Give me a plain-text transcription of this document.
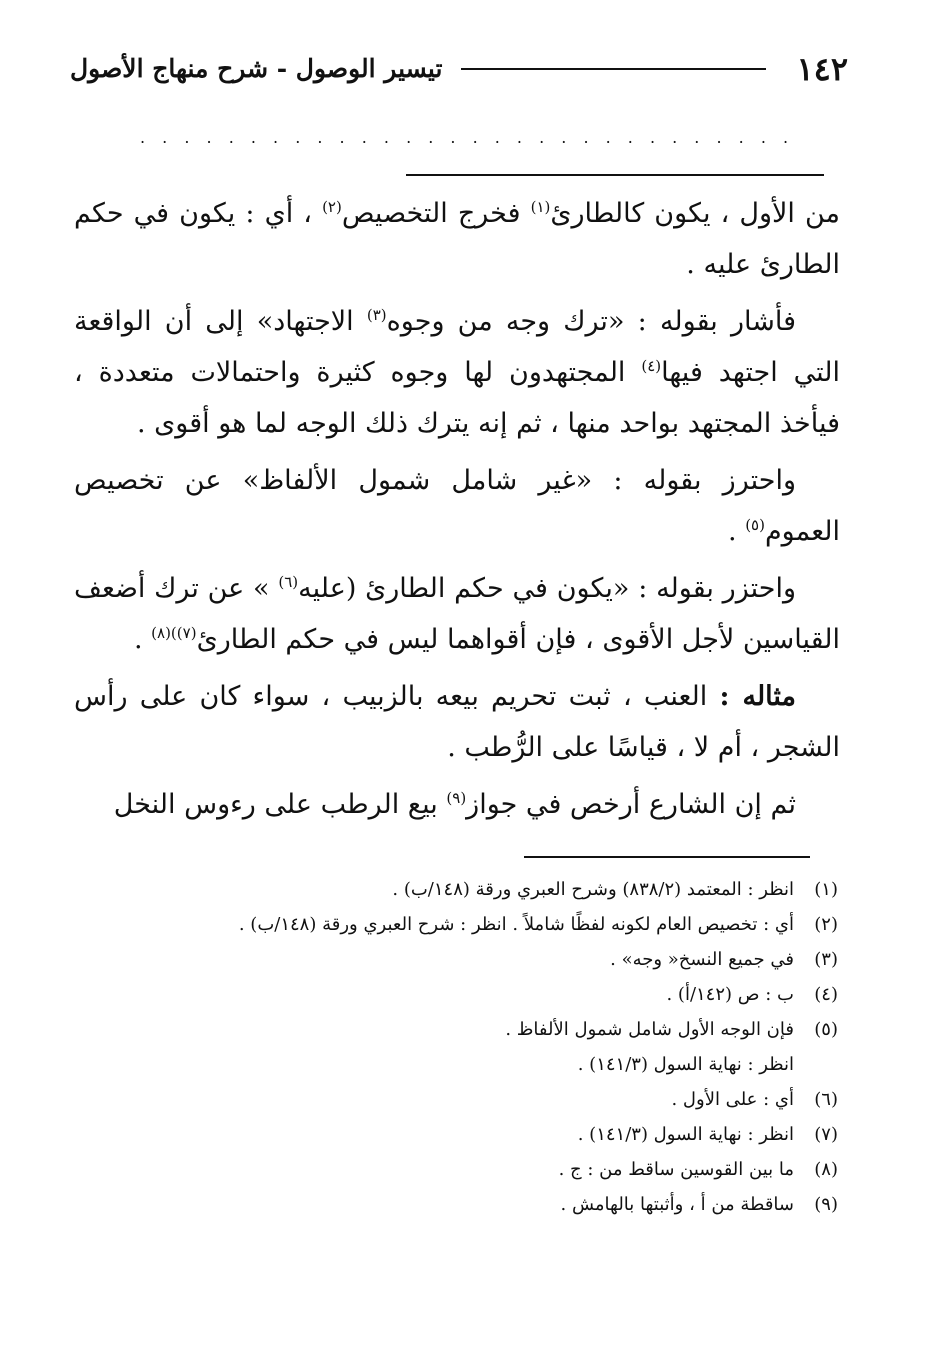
١٤٢
تيسير الوصول - شرح منهاج الأصول
. . .

من الأول ، يكون كالطارئ$^{(١)}$ فخرج التخصيص$^{(٢)}$ ، أي : يكون في حكم الطارئ عليه .

فأشار بقوله : «ترك وجه من وجوه$^{(٣)}$ الاجتهاد» إلى أن الواقعة التي اجتهد فيها$^{(٤)}$ المجتهدون لها وجوه كثيرة واحتمالات متعددة ، فيأخذ المجتهد بواحد منها ، ثم إنه يترك ذلك الوجه لما هو أقوى .

واحترز بقوله : «غير شامل شمول الألفاظ» عن تخصيص العموم$^{(٥)}$ .

واحتزر بقوله : «يكون في حكم الطارئ (عليه$^{(٦)}$ » عن ترك أضعف القياسين لأجل الأقوى ، فإن أقواهما ليس في حكم الطارئ$^{(٧))(٨)}$ .

مثاله : العنب ، ثبت تحريم بيعه بالزبيب ، سواء كان على رأس الشجر ، أم لا ، قياسًا على الرُّطب .

ثم إن الشارع أرخص في جواز$^{(٩)}$ بيع الرطب على رءوس النخل

(١)
انظر : المعتمد (٨٣٨/٢) وشرح العبري ورقة (١٤٨/ب) .
(٢)
أي : تخصيص العام لكونه لفظًا شاملاً . انظر : شرح العبري ورقة (١٤٨/ب) .
(٣)
في جميع النسخ« وجه» .
(٤)
ب : ص (١٤٢/أ) .
(٥)
فإن الوجه الأول شامل شمول الألفاظ .
انظر : نهاية السول (١٤١/٣) .
(٦)
أي : على الأول .
(٧)
انظر : نهاية السول (١٤١/٣) .
(٨)
ما بين القوسين ساقط من : ج .
(٩)
ساقطة من أ ، وأثبتها بالهامش .
